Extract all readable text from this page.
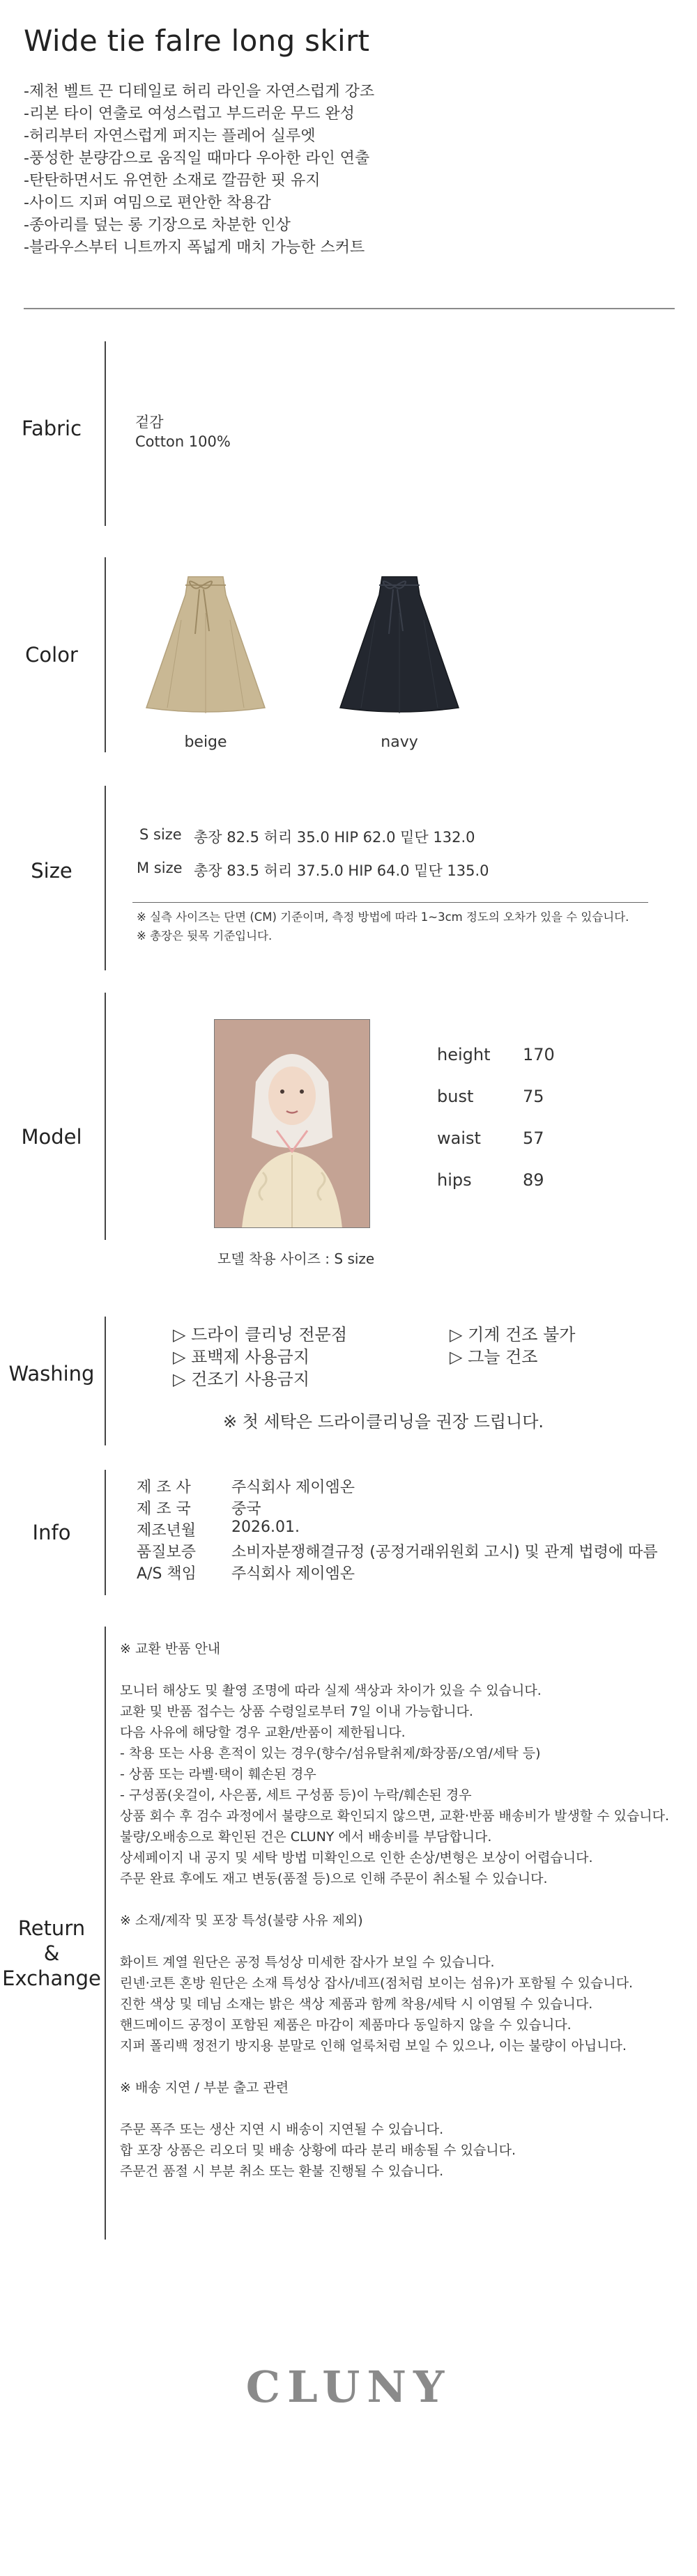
Wide tie falre long skirt
-제천 벨트 끈 디테일로 허리 라인을 자연스럽게 강조
-리본 타이 연출로 여성스럽고 부드러운 무드 완성
-허리부터 자연스럽게 퍼지는 플레어 실루엣
-풍성한 분량감으로 움직일 때마다 우아한 라인 연출
-탄탄하면서도 유연한 소재로 깔끔한 핏 유지
-사이드 지퍼 여밈으로 편안한 착용감
-종아리를 덮는 롱 기장으로 차분한 인상
-블라우스부터 니트까지 폭넓게 매치 가능한 스커트
Fabric	겉감
Cotton 100%
Color
beige	navy
Size
S size 총장 82.5 허리 35.0 HIP 62.0 밑단 132.0
M size 총장 83.5 허리 37.5.0 HIP 64.0 밑단 135.0
※ 실측 사이즈는 단면 (CM) 기준이며, 측정 방법에 따라 1~3cm 정도의 오차가 있을 수 있습니다.
※ 총장은 뒷목 기준입니다.
Model
모델 착용 사이즈 : S size
height 170
bust	75
waist	57
hips	89
Washing
▷ 드라이 클리닝 전문점
▷ 표백제 사용금지
▷ 건조기 사용금지
▷ 기계 건조 불가
▷ 그늘 건조
※ 첫 세탁은 드라이클리닝을 권장 드립니다.
Info
제 조 사	주식회사 제이엠온
제 조 국	중국
제조년월 2026.01.
품질보증 소비자분쟁해결규정 (공정거래위원회 고시) 및 관계 법령에 따름
A/S 책임 주식회사 제이엠온
Return
&
Exchange
※ 교환 반품 안내
모니터 해상도 및 촬영 조명에 따라 실제 색상과 차이가 있을 수 있습니다.
교환 및 반품 접수는 상품 수령일로부터 7일 이내 가능합니다.
다음 사유에 해당할 경우 교환/반품이 제한됩니다.
- 착용 또는 사용 흔적이 있는 경우(향수/섬유탈취제/화장품/오염/세탁 등)
- 상품 또는 라벨·택이 훼손된 경우
- 구성품(옷걸이, 사은품, 세트 구성품 등)이 누락/훼손된 경우
상품 회수 후 검수 과정에서 불량으로 확인되지 않으면, 교환·반품 배송비가 발생할 수 있습니다.
불량/오배송으로 확인된 건은 CLUNY 에서 배송비를 부담합니다.
상세페이지 내 공지 및 세탁 방법 미확인으로 인한 손상/변형은 보상이 어렵습니다.
주문 완료 후에도 재고 변동(품절 등)으로 인해 주문이 취소될 수 있습니다.
※ 소재/제작 및 포장 특성(불량 사유 제외)
화이트 계열 원단은 공정 특성상 미세한 잡사가 보일 수 있습니다.
린넨·코튼 혼방 원단은 소재 특성상 잡사/네프(점처럼 보이는 섬유)가 포함될 수 있습니다.
진한 색상 및 데님 소재는 밝은 색상 제품과 함께 착용/세탁 시 이염될 수 있습니다.
핸드메이드 공정이 포함된 제품은 마감이 제품마다 동일하지 않을 수 있습니다.
지퍼 폴리백 정전기 방지용 분말로 인해 얼룩처럼 보일 수 있으나, 이는 불량이 아닙니다.
※ 배송 지연 / 부분 출고 관련
주문 폭주 또는 생산 지연 시 배송이 지연될 수 있습니다.
합 포장 상품은 리오더 및 배송 상황에 따라 분리 배송될 수 있습니다.
주문건 품절 시 부분 취소 또는 환불 진행될 수 있습니다.
CLUNY
